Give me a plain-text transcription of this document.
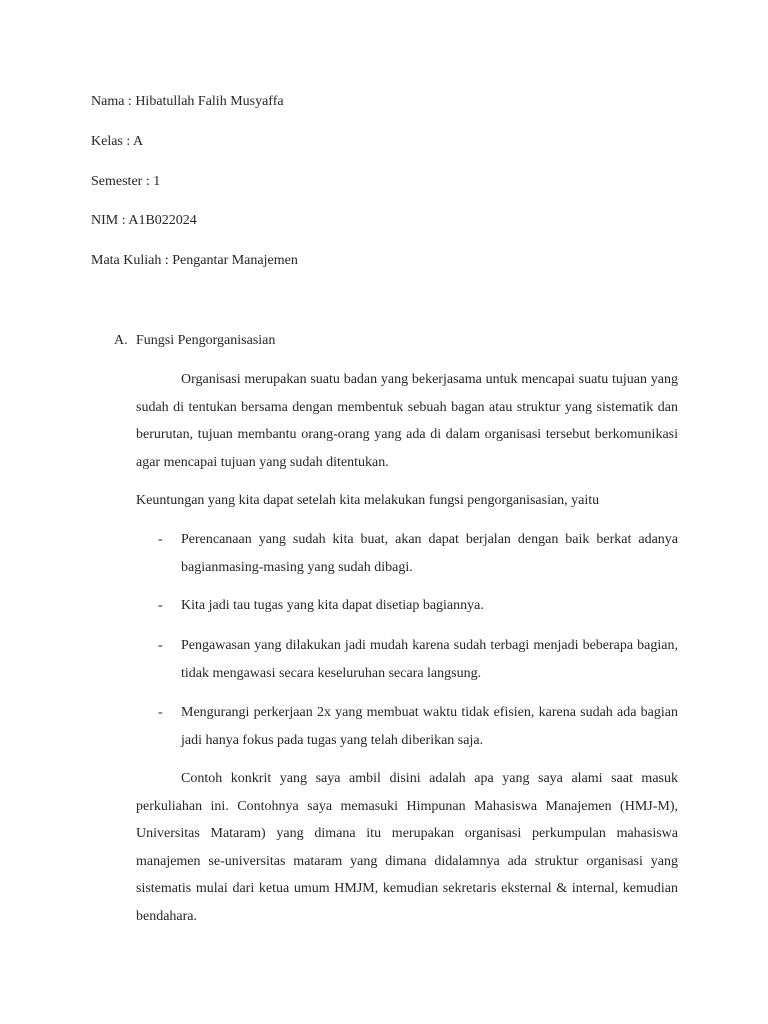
Nama : Hibatullah Falih Musyaffa
Kelas : A
Semester : 1
NIM : A1B022024
Mata Kuliah : Pengantar Manajemen
A. Fungsi Pengorganisasian

Organisasi merupakan suatu badan yang bekerjasama untuk mencapai suatu tujuan yang sudah di tentukan bersama dengan membentuk sebuah bagan atau struktur yang sistematik dan berurutan, tujuan membantu orang-orang yang ada di dalam organisasi tersebut berkomunikasi agar mencapai tujuan yang sudah ditentukan.

Keuntungan yang kita dapat setelah kita melakukan fungsi pengorganisasian, yaitu
- Perencanaan yang sudah kita buat, akan dapat berjalan dengan baik berkat adanya bagianmasing-masing yang sudah dibagi.

- Kita jadi tau tugas yang kita dapat disetiap bagiannya.

- Pengawasan yang dilakukan jadi mudah karena sudah terbagi menjadi beberapa bagian, tidak mengawasi secara keseluruhan secara langsung.

- Mengurangi perkerjaan 2x yang membuat waktu tidak efisien, karena sudah ada bagian jadi hanya fokus pada tugas yang telah diberikan saja.

Contoh konkrit yang saya ambil disini adalah apa yang saya alami saat masuk perkuliahan ini. Contohnya saya memasuki Himpunan Mahasiswa Manajemen (HMJ-M), Universitas Mataram) yang dimana itu merupakan organisasi perkumpulan mahasiswa manajemen se-universitas mataram yang dimana didalamnya ada struktur organisasi yang sistematis mulai dari ketua umum HMJM, kemudian sekretaris eksternal & internal, kemudian bendahara.
